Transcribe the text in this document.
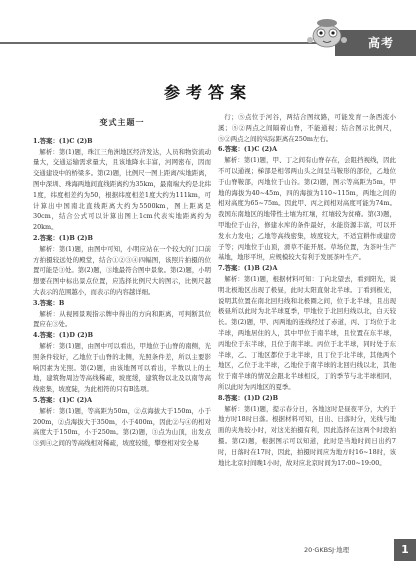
高考
参考答案
变式主题一
1.答案：(1)C (2)B
解析：第(1)题，珠江三角洲地区经济发达，人员和物资流动量大，交通运输需求量大，且该地降水丰富，河网密布，因而交通建设中的桥梁多。第(2)题，比例尺一图上距离/实地距离，图中深圳、珠海两地间直线距离约为35km，最南端大约是北纬1度，纬度相差约为50，根据纬度相差1度大约为111km，可计算出中国南北直线距离大约为5500km，图上距离是30cm，结合公式可以计算出图上1cm代表实地距离约为20km。
2.答案：(1)B (2)B
解析：第(1)题，由图中可知，小明应站在一个较大的门口前方拍摄较远处的殿堂，结合①②③④四幅图，该照片拍摄的位置可能是③处。第(2)题，③地最符合图中景象。第(2)题，小明想要在图中标出景点位置，应选择比例尺大的图示，比例尺越大表示的范围越小，而表示的内容越详细。
3.答案：B
解析：从视园景观指示牌中得出的方向和距离，可判断其位置应在③处。
4.答案：(1)D (2)B
解析：第(1)题，由图中可以看出，甲地位于山脊的南侧，光照条件较好，乙地位于山脊的北侧，光照条件差，所以主要影响因素为光照。第(2)题，由该地图可以看出，半数以上的土地，建筑物周边等高线稀疏，坡度缓，建筑物以北及以南等高线密集，坡度陡，为此相符的只有B选项。
5.答案：(1)C (2)A
解析：第(1)题，等高距为50m，②点海拔大于150m，小于200m，②点海拔大于350m，小于400m，因此②与④的相对高度大于150m，小于250m。第(2)题，③点为山顶，出发点③到④之间的等高线相对稀疏，坡度较缓，攀登相对安全易
行；⑤点位于河谷，两结合图纹路，可能发育一条西流小溪；⑤②两点之间隔着山脊，不能通视；结合图示比例尺，⑤②两点之间的实际距离在250m左右。
6.答案：(1)C (2)A
解析：第(1)题，甲、丁之间有山脊存在，会阻挡视线，因此不可以通视；梯部是相邻两山头之间呈马鞍形的部位，乙地位于山脊鞍部，丙地位于山谷。第(2)题，图示等高距为5m，甲地的海拔为40~45m，四的海拔为110~115m，两地之间的相对高度为65~75m。因此甲、丙之间相对高度可能为74m。我国东南地区的地带性土壤为红壤，红壤较为贫瘠。第(3)题，甲地位于山谷，修建水库的条件最好，水能资源丰富，可以开发水力发电；乙地等高线密集，坡度较大，不适宜耕作或建房子等；丙地位于山顶，滑草不能开展。草场位置，为茶叶生产基地，地形平坦，应规模较大有利于发展茶叶生产。
7.答案：(1)B (2)A
解析：第(1)题，根据材料可知：丁向北望去，看到阳光，说明北极地区出现了极昼，此时太阳直射北半球。丁看到极光，说明其位置在南北回归线和北极圈之间，位于北半球，且出现极昼所以此时为北半球夏季，甲地位于北回归线以北，白天较长。第(2)题，甲、丙两地的连线经过了赤道，丙、丁均位于北半球，两地居住的人，其中甲位于南半球，且位置在东半球，丙地位于东半球，且位于南半球。丙位于北半球，同时处于东半球，乙、丁地区都位于北半球，且丁位于北半球，其他两个地区，乙位于北半球，乙地位于南半球的北回归线以北，其他位于南半球的情况会跟北半球相反，丁的季节与北半球相同，所以此时为丙地区的夏季。
8.答案：(1)D (2)B
解析：第(1)题，提示春分日，各地这时是昼夜平分，大约于地方时18时日落。根据材料可知，日出、日落时分，光线与地面的夹角较小时，对这光拍摄有利，因此选择在这两个时段拍摄。第(2)题，根据图示可以知道，此时是当地时间日出约7时，日落时在17时，因此，拍摄时间应为地方时16~18时，该地比北京时间晚1小时，故对应北京时间为17:00~19:00。
20·GKBSJ·地理	1
